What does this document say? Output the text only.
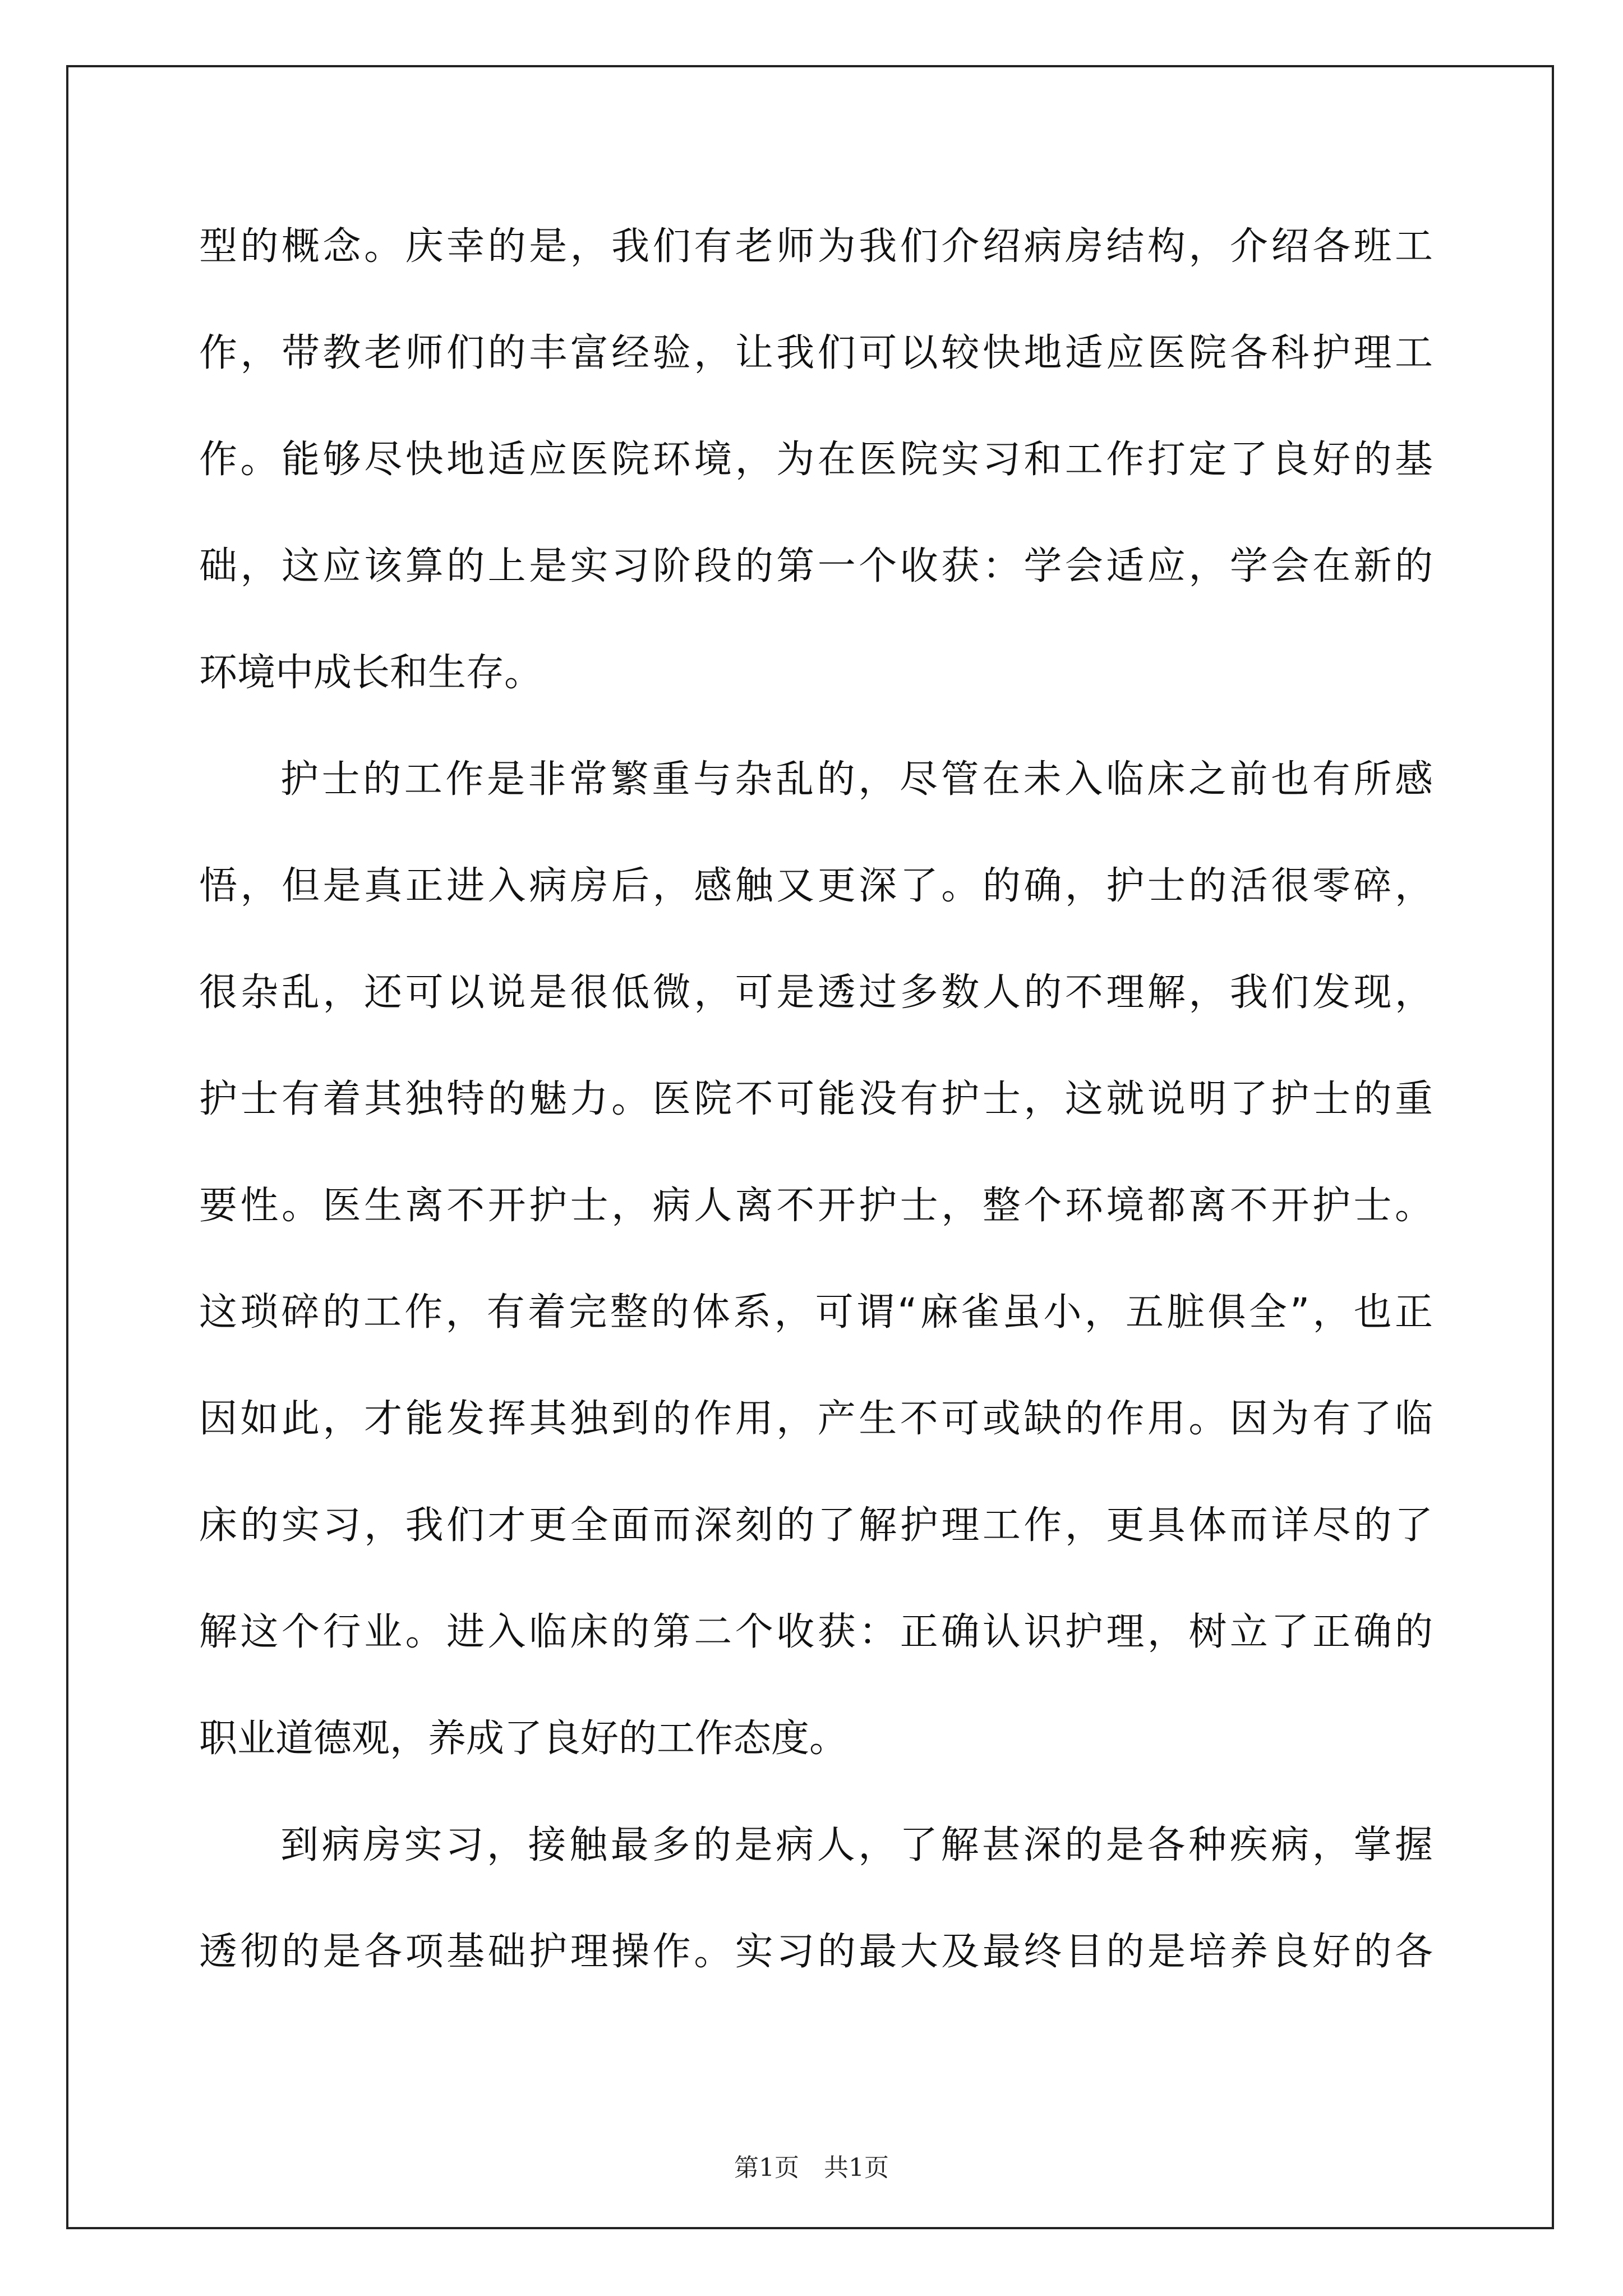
型的概念。庆幸的是，我们有老师为我们介绍病房结构，介绍各班工
作，带教老师们的丰富经验，让我们可以较快地适应医院各科护理工
作。能够尽快地适应医院环境，为在医院实习和工作打定了良好的基
础，这应该算的上是实习阶段的第一个收获：学会适应，学会在新的
环境中成长和生存。
护士的工作是非常繁重与杂乱的，尽管在未入临床之前也有所感
悟，但是真正进入病房后，感触又更深了。的确，护士的活很零碎，
很杂乱，还可以说是很低微，可是透过多数人的不理解，我们发现，
护士有着其独特的魅力。医院不可能没有护士，这就说明了护士的重
要性。医生离不开护士，病人离不开护士，整个环境都离不开护士。
这琐碎的工作，有着完整的体系，可谓“麻雀虽小，五脏俱全”，也正
因如此，才能发挥其独到的作用，产生不可或缺的作用。因为有了临
床的实习，我们才更全面而深刻的了解护理工作，更具体而详尽的了
解这个行业。进入临床的第二个收获：正确认识护理，树立了正确的
职业道德观，养成了良好的工作态度。
到病房实习，接触最多的是病人，了解甚深的是各种疾病，掌握
透彻的是各项基础护理操作。实习的最大及最终目的是培养良好的各
第1页　共1页
